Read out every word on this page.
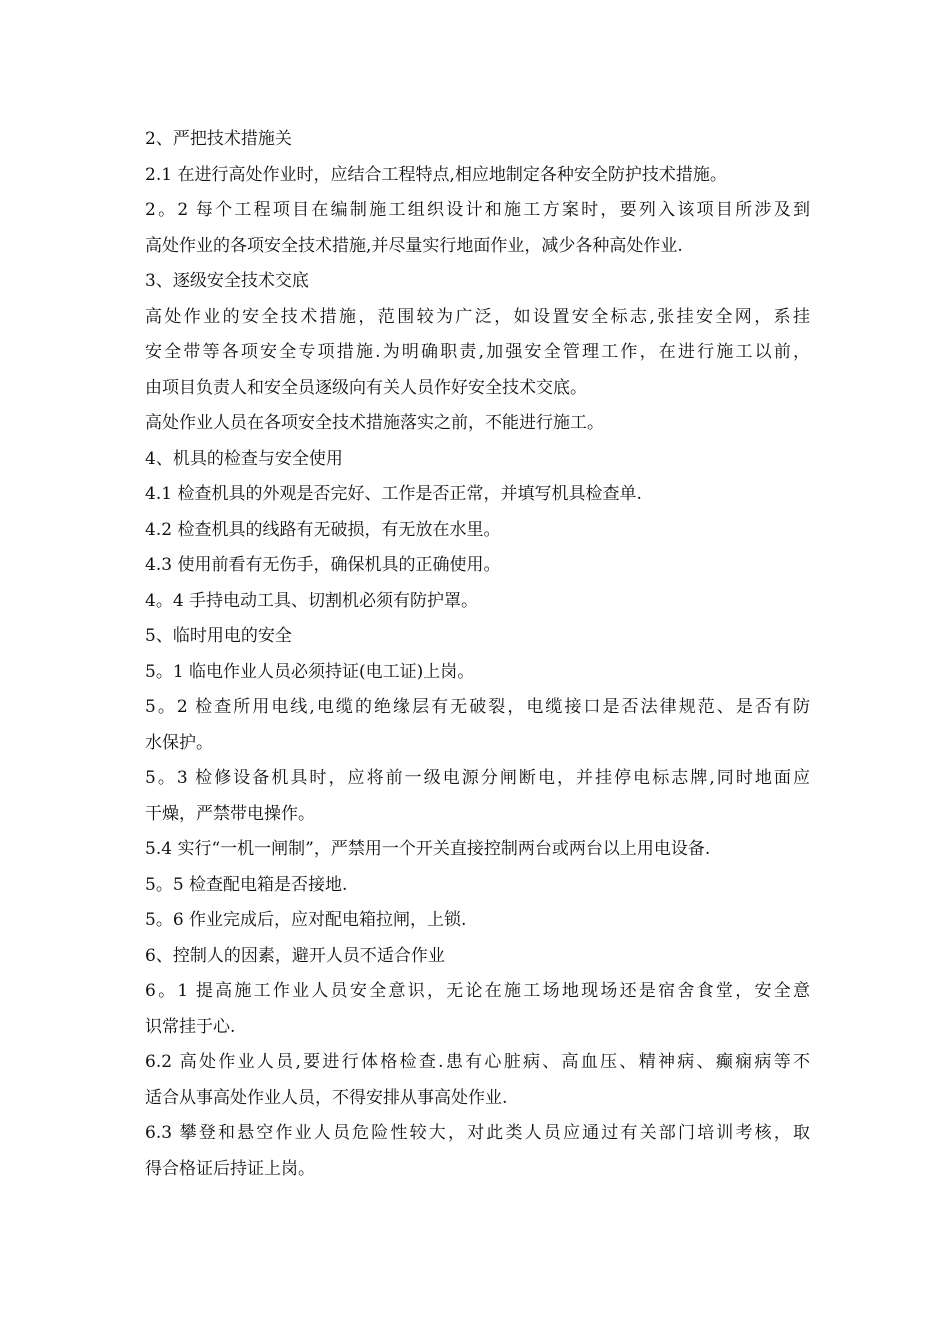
2、严把技术措施关
2.1 在进行高处作业时，应结合工程特点,相应地制定各种安全防护技术措施。
2。2 每个工程项目在编制施工组织设计和施工方案时，要列入该项目所涉及到
高处作业的各项安全技术措施,并尽量实行地面作业，减少各种高处作业.
3、逐级安全技术交底
高处作业的安全技术措施，范围较为广泛，如设置安全标志,张挂安全网，系挂
安全带等各项安全专项措施.为明确职责,加强安全管理工作，在进行施工以前，
由项目负责人和安全员逐级向有关人员作好安全技术交底。
高处作业人员在各项安全技术措施落实之前，不能进行施工。
4、机具的检查与安全使用
4.1 检查机具的外观是否完好、工作是否正常，并填写机具检查单.
4.2 检查机具的线路有无破损，有无放在水里。
4.3 使用前看有无伤手，确保机具的正确使用。
4。4 手持电动工具、切割机必须有防护罩。
5、临时用电的安全
5。1 临电作业人员必须持证(电工证)上岗。
5。2 检查所用电线,电缆的绝缘层有无破裂，电缆接口是否法律规范、是否有防
水保护。
5。3 检修设备机具时，应将前一级电源分闸断电，并挂停电标志牌,同时地面应
干燥，严禁带电操作。
5.4 实行“一机一闸制”，严禁用一个开关直接控制两台或两台以上用电设备.
5。5 检查配电箱是否接地.
5。6 作业完成后，应对配电箱拉闸，上锁.
6、控制人的因素，避开人员不适合作业
6。1 提高施工作业人员安全意识，无论在施工场地现场还是宿舍食堂，安全意
识常挂于心.
6.2 高处作业人员,要进行体格检查.患有心脏病、高血压、精神病、癫痫病等不
适合从事高处作业人员，不得安排从事高处作业.
6.3 攀登和悬空作业人员危险性较大，对此类人员应通过有关部门培训考核，取
得合格证后持证上岗。
